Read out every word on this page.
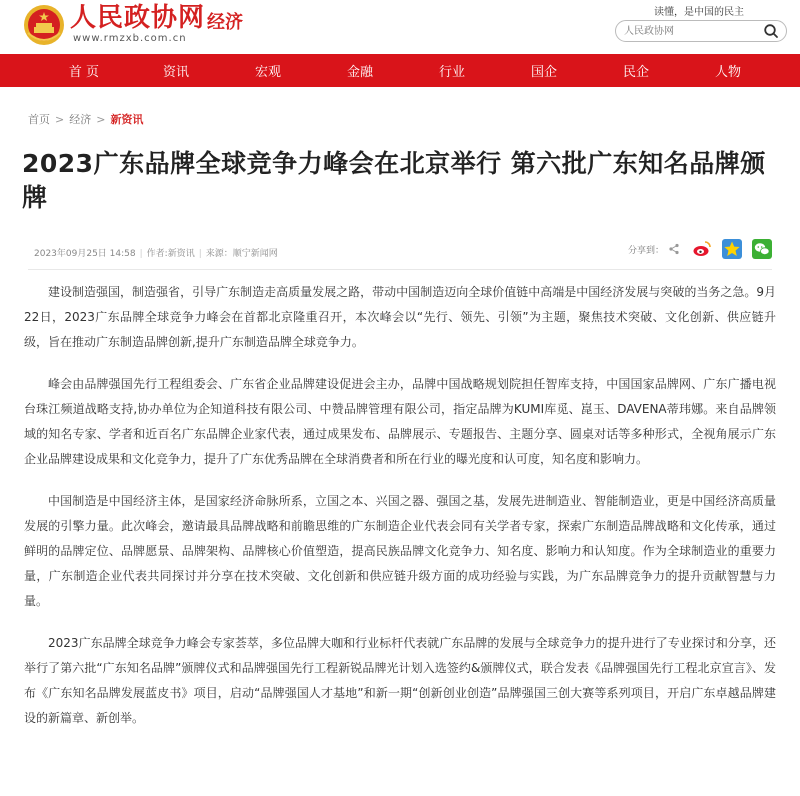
人民政协网
www.rmzxb.com.cn
经济	读懂，是中国的民主
人民政协网
首 页	资讯	宏观	金融	行业	国企	民企	人物
首页 > 经济 > 新资讯
2023广东品牌全球竞争力峰会在北京举行 第六批广东知名品牌颁牌
2023年09月25日 14:58 | 作者:新资讯 | 来源：顺宁新闻网	分享到：

建设制造强国，制造强省，引导广东制造走高质量发展之路，带动中国制造迈向全球价值链中高端是中国经济发展与突破的当务之急。9月22日，2023广东品牌全球竞争力峰会在首都北京隆重召开，本次峰会以“先行、领先、引领”为主题，聚焦技术突破、文化创新、供应链升级，旨在推动广东制造品牌创新,提升广东制造品牌全球竞争力。

峰会由品牌强国先行工程组委会、广东省企业品牌建设促进会主办，品牌中国战略规划院担任智库支持，中国国家品牌网、广东广播电视台珠江频道战略支持,协办单位为企知道科技有限公司、中赞品牌管理有限公司，指定品牌为KUMI库觅、崑玉、DAVENA蒂玮娜。来自品牌领域的知名专家、学者和近百名广东品牌企业家代表，通过成果发布、品牌展示、专题报告、主题分享、圆桌对话等多种形式，全视角展示广东企业品牌建设成果和文化竞争力，提升了广东优秀品牌在全球消费者和所在行业的曝光度和认可度，知名度和影响力。

中国制造是中国经济主体，是国家经济命脉所系，立国之本、兴国之器、强国之基，发展先进制造业、智能制造业，更是中国经济高质量发展的引擎力量。此次峰会，邀请最具品牌战略和前瞻思维的广东制造企业代表会同有关学者专家，探索广东制造品牌战略和文化传承，通过鲜明的品牌定位、品牌愿景、品牌架构、品牌核心价值塑造，提高民族品牌文化竞争力、知名度、影响力和认知度。作为全球制造业的重要力量，广东制造企业代表共同探讨并分享在技术突破、文化创新和供应链升级方面的成功经验与实践，为广东品牌竞争力的提升贡献智慧与力量。

2023广东品牌全球竞争力峰会专家荟萃，多位品牌大咖和行业标杆代表就广东品牌的发展与全球竞争力的提升进行了专业探讨和分享，还举行了第六批“广东知名品牌”颁牌仪式和品牌强国先行工程新锐品牌光计划入选签约&颁牌仪式，联合发表《品牌强国先行工程北京宣言》、发布《广东知名品牌发展蓝皮书》项目，启动“品牌强国人才基地”和新一期“创新创业创造”品牌强国三创大赛等系列项目，开启广东卓越品牌建设的新篇章、新创举。
